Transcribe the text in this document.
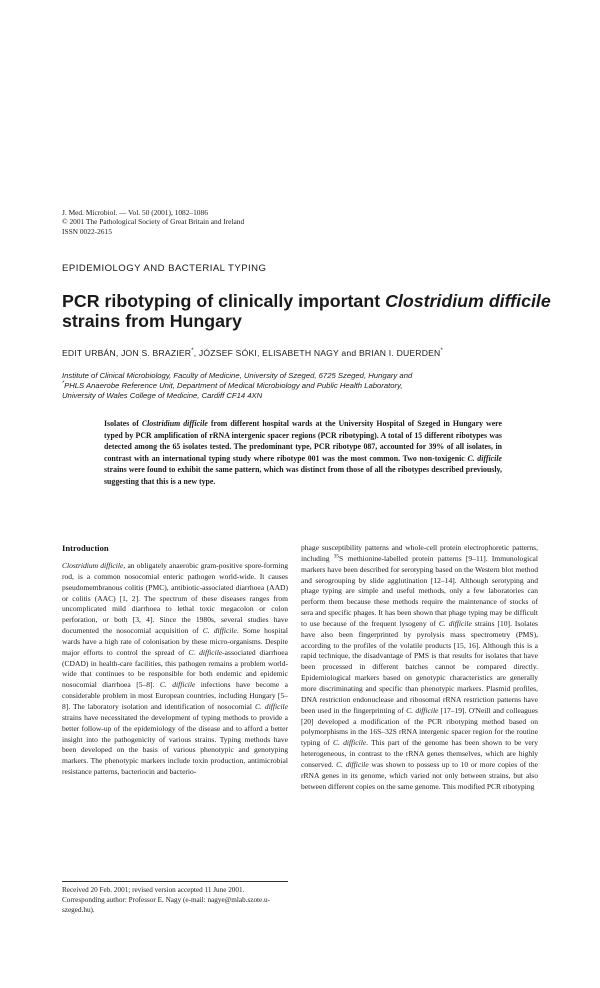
J. Med. Microbiol. — Vol. 50 (2001), 1082–1086
© 2001 The Pathological Society of Great Britain and Ireland
ISSN 0022-2615
EPIDEMIOLOGY AND BACTERIAL TYPING
PCR ribotyping of clinically important Clostridium difficile strains from Hungary
EDIT URBÁN, JON S. BRAZIER*, JÓZSEF SÓKI, ELISABETH NAGY and BRIAN I. DUERDEN*
Institute of Clinical Microbiology, Faculty of Medicine, University of Szeged, 6725 Szeged, Hungary and
*PHLS Anaerobe Reference Unit, Department of Medical Microbiology and Public Health Laboratory,
University of Wales College of Medicine, Cardiff CF14 4XN
Isolates of Clostridium difficile from different hospital wards at the University Hospital of Szeged in Hungary were typed by PCR amplification of rRNA intergenic spacer regions (PCR ribotyping). A total of 15 different ribotypes was detected among the 65 isolates tested. The predominant type, PCR ribotype 087, accounted for 39% of all isolates, in contrast with an international typing study where ribotype 001 was the most common. Two non-toxigenic C. difficile strains were found to exhibit the same pattern, which was distinct from those of all the ribotypes described previously, suggesting that this is a new type.
Introduction
Clostridium difficile, an obligately anaerobic gram-positive spore-forming rod, is a common nosocomial enteric pathogen world-wide. It causes pseudomembranous colitis (PMC), antibiotic-associated diarrhoea (AAD) or colitis (AAC) [1, 2]. The spectrum of these diseases ranges from uncomplicated mild diarrhoea to lethal toxic megacolon or colon perforation, or both [3, 4]. Since the 1980s, several studies have documented the nosocomial acquisition of C. difficile. Some hospital wards have a high rate of colonisation by these micro-organisms. Despite major efforts to control the spread of C. difficile-associated diarrhoea (CDAD) in health-care facilities, this pathogen remains a problem world-wide that continues to be responsible for both endemic and epidemic nosocomial diarrhoea [5–8]. C. difficile infections have become a considerable problem in most European countries, including Hungary [5–8]. The laboratory isolation and identification of nosocomial C. difficile strains have necessitated the development of typing methods to provide a better follow-up of the epidemiology of the disease and to afford a better insight into the pathogenicity of various strains. Typing methods have been developed on the basis of various phenotypic and genotyping markers. The phenotypic markers include toxin production, antimicrobial resistance patterns, bacteriocin and bacterio-
phage susceptibility patterns and whole-cell protein electrophoretic patterns, including $^{35}$S methionine-labelled protein patterns [9–11]. Immunological markers have been described for serotyping based on the Western blot method and serogrouping by slide agglutination [12–14]. Although serotyping and phage typing are simple and useful methods, only a few laboratories can perform them because these methods require the maintenance of stocks of sera and specific phages. It has been shown that phage typing may be difficult to use because of the frequent lysogeny of C. difficile strains [10]. Isolates have also been fingerprinted by pyrolysis mass spectrometry (PMS), according to the profiles of the volatile products [15, 16]. Although this is a rapid technique, the disadvantage of PMS is that results for isolates that have been processed in different batches cannot be compared directly. Epidemiological markers based on genotypic characteristics are generally more discriminating and specific than phenotypic markers. Plasmid profiles, DNA restriction endonuclease and ribosomal rRNA restriction patterns have been used in the fingerprinting of C. difficile [17–19]. O'Neill and colleagues [20] developed a modification of the PCR ribotyping method based on polymorphisms in the 16S–32S rRNA intergenic spacer region for the routine typing of C. difficile. This part of the genome has been shown to be very heterogeneous, in contrast to the rRNA genes themselves, which are highly conserved. C. difficile was shown to possess up to 10 or more copies of the rRNA genes in its genome, which varied not only between strains, but also between different copies on the same genome. This modified PCR ribotyping

Received 20 Feb. 2001; revised version accepted 11 June 2001.

Corresponding author: Professor E. Nagy (e-mail: nagye@mlab.szote.u-szeged.hu).
